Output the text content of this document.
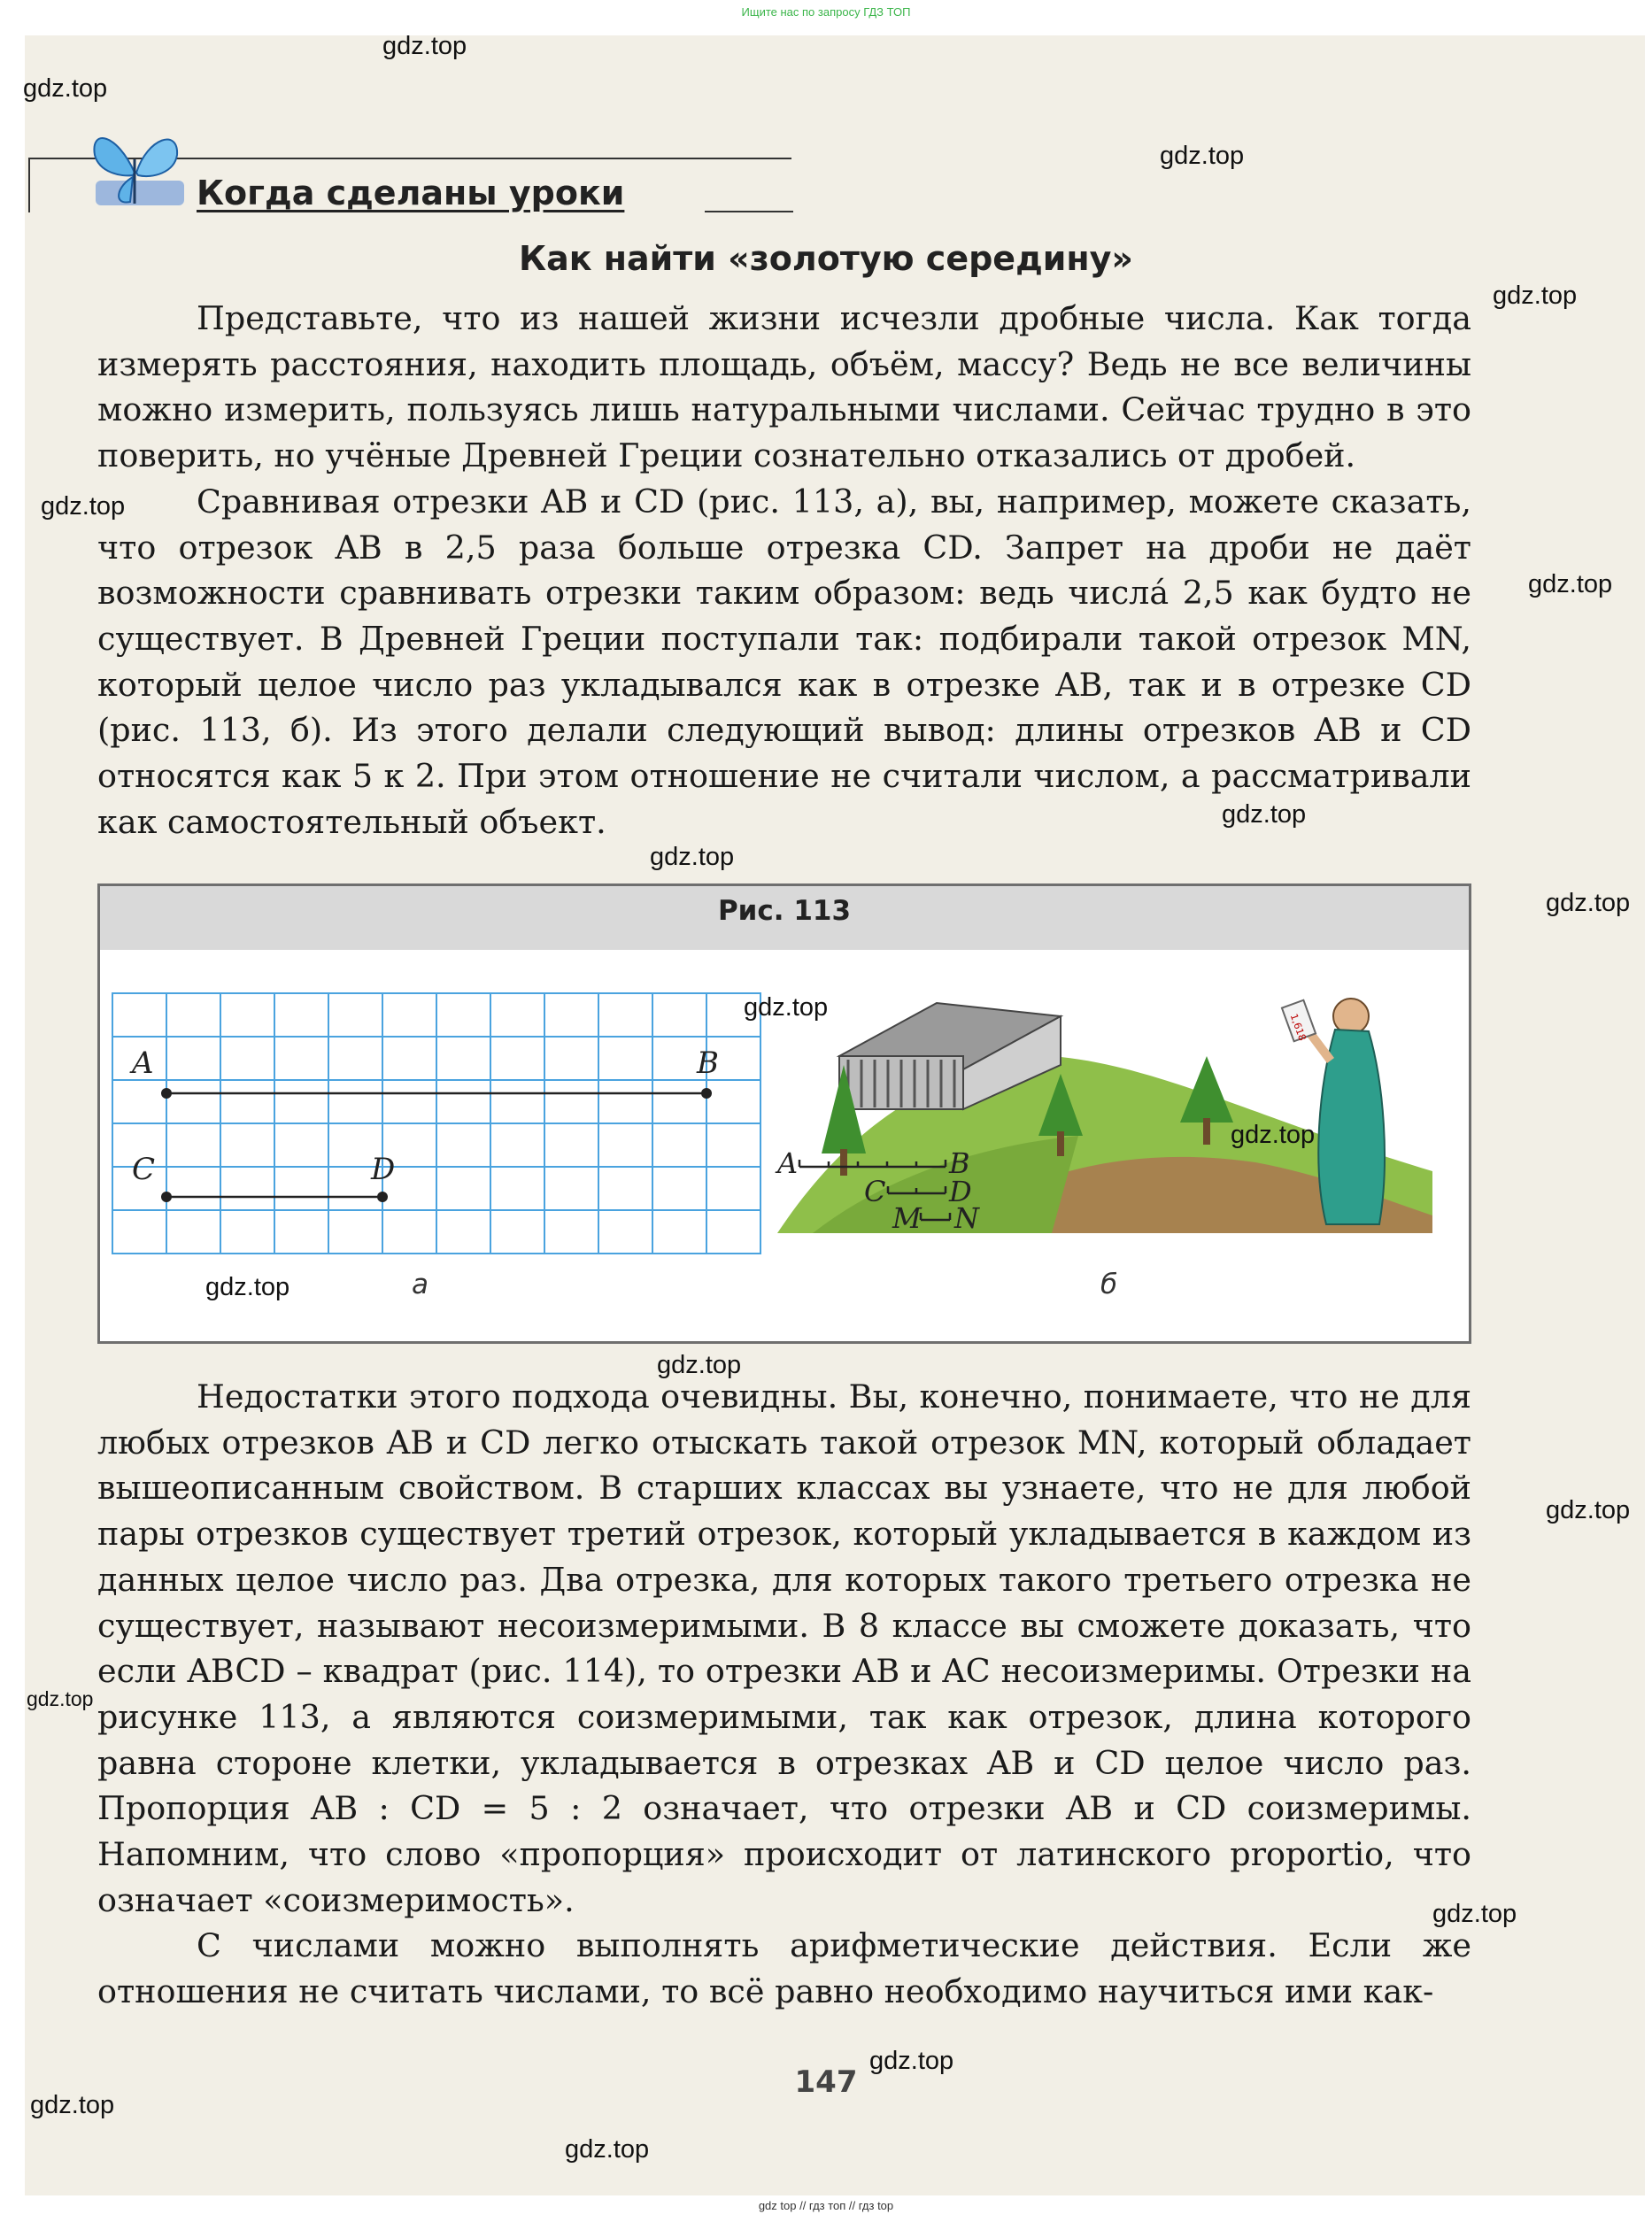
Ищите нас по запросу ГДЗ ТОП
Когда сделаны уроки
Как найти «золотую середину»

Представьте, что из нашей жизни исчезли дробные числа. Как тогда измерять расстояния, находить площадь, объём, массу? Ведь не все величины можно измерить, пользуясь лишь натуральными числами. Сейчас трудно в это поверить, но учёные Древней Греции сознательно отказались от дробей.

Сравнивая отрезки AB и CD (рис. 113, а), вы, например, можете сказать, что отрезок AB в 2,5 раза больше отрезка CD. Запрет на дроби не даёт возможности сравнивать отрезки таким образом: ведь числа́ 2,5 как будто не существует. В Древней Греции поступали так: подбирали такой отрезок MN, который целое число раз укладывался как в отрезке AB, так и в отрезке CD (рис. 113, б). Из этого делали следующий вывод: длины отрезков AB и CD относятся как 5 к 2. При этом отношение не считали числом, а рассматривали как самостоятельный объект.

Рис. 113
A	B
C	D
а
1,618
A	B
C D
M N
б

Недостатки этого подхода очевидны. Вы, конечно, понимаете, что не для любых отрезков AB и CD легко отыскать такой отрезок MN, который обладает вышеописанным свойством. В старших классах вы узнаете, что не для любой пары отрезков существует третий отрезок, который укладывается в каждом из данных целое число раз. Два отрезка, для которых такого третьего отрезка не существует, называют несоизмеримыми. В 8 классе вы сможете доказать, что если ABCD – квадрат (рис. 114), то отрезки AB и AC несоизмеримы. Отрезки на рисунке 113, а являются соизмеримыми, так как отрезок, длина которого равна стороне клетки, укладывается в отрезках AB и CD целое число раз. Пропорция AB : CD = 5 : 2 означает, что отрезки AB и CD соизмеримы. Напомним, что слово «пропорция» происходит от латинского proportio, что означает «соизмеримость».

С числами можно выполнять арифметические действия. Если же отношения не считать числами, то всё равно необходимо научиться ими как-

147
gdz.top
gdz.top
gdz.top
gdz.top
gdz.top
gdz.top
gdz.top
gdz.top
gdz.top
gdz.top
gdz.top
gdz.top
gdz.top
gdz.top
gdz.top
gdz.top
gdz.top
gdz.top
gdz.top
gdz top // гдз топ // гдз top
